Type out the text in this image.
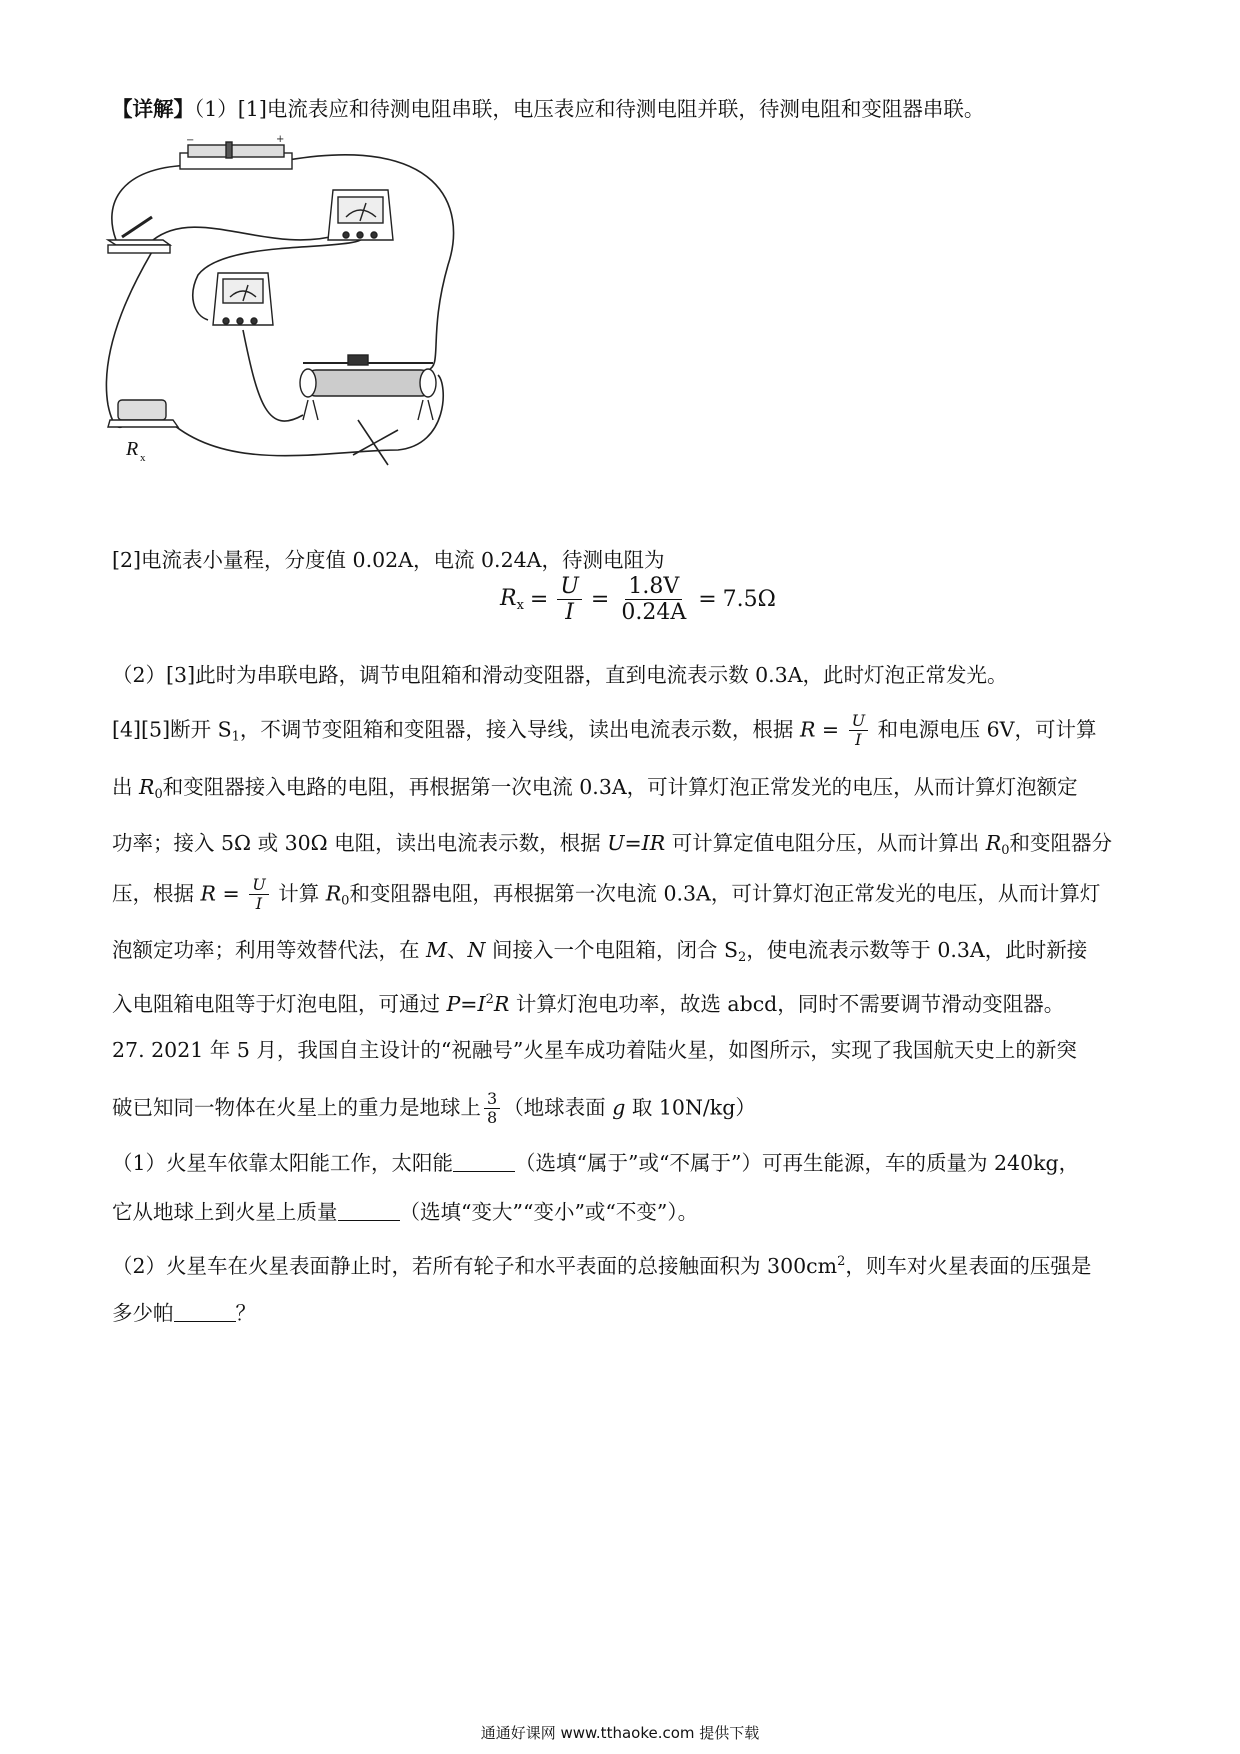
【详解】（1）[1]电流表应和待测电阻串联，电压表应和待测电阻并联，待测电阻和变阻器串联。
−	+
R x
[2]电流表小量程，分度值 0.02A，电流 0.24A，待测电阻为
$R_x = \frac{U}{I} = \frac{1.8V}{0.24A} = 7.5\Omega$
（2）[3]此时为串联电路，调节电阻箱和滑动变阻器，直到电流表示数 0.3A，此时灯泡正常发光。
[4][5]断开 $S_1$，不调节变阻箱和变阻器，接入导线，读出电流表示数，根据 $R = \frac{U}{I}$ 和电源电压 6V，可计算
出 $R_0$和变阻器接入电路的电阻，再根据第一次电流 0.3A，可计算灯泡正常发光的电压，从而计算灯泡额定
功率；接入 5Ω 或 30Ω 电阻，读出电流表示数，根据 U=IR 可计算定值电阻分压，从而计算出 $R_0$和变阻器分
压，根据 $R = \frac{U}{I}$ 计算 $R_0$和变阻器电阻，再根据第一次电流 0.3A，可计算灯泡正常发光的电压，从而计算灯
泡额定功率；利用等效替代法，在 M、N 间接入一个电阻箱，闭合 $S_2$，使电流表示数等于 0.3A，此时新接
入电阻箱电阻等于灯泡电阻，可通过 $P=I^2R$ 计算灯泡电功率，故选 abcd，同时不需要调节滑动变阻器。
27. 2021 年 5 月，我国自主设计的“祝融号”火星车成功着陆火星，如图所示，实现了我国航天史上的新突
破已知同一物体在火星上的重力是地球上 $\frac{3}{8}$ （地球表面 g 取 10N/kg）
（1）火星车依靠太阳能工作，太阳能	（选填“属于”或“不属于”）可再生能源，车的质量为 240kg，
它从地球上到火星上质量	（选填“变大”“变小”或“不变”）。
（2）火星车在火星表面静止时，若所有轮子和水平表面的总接触面积为 $300cm^2$，则车对火星表面的压强是
多少帕	？
通通好课网 www.tthaoke.com 提供下载
